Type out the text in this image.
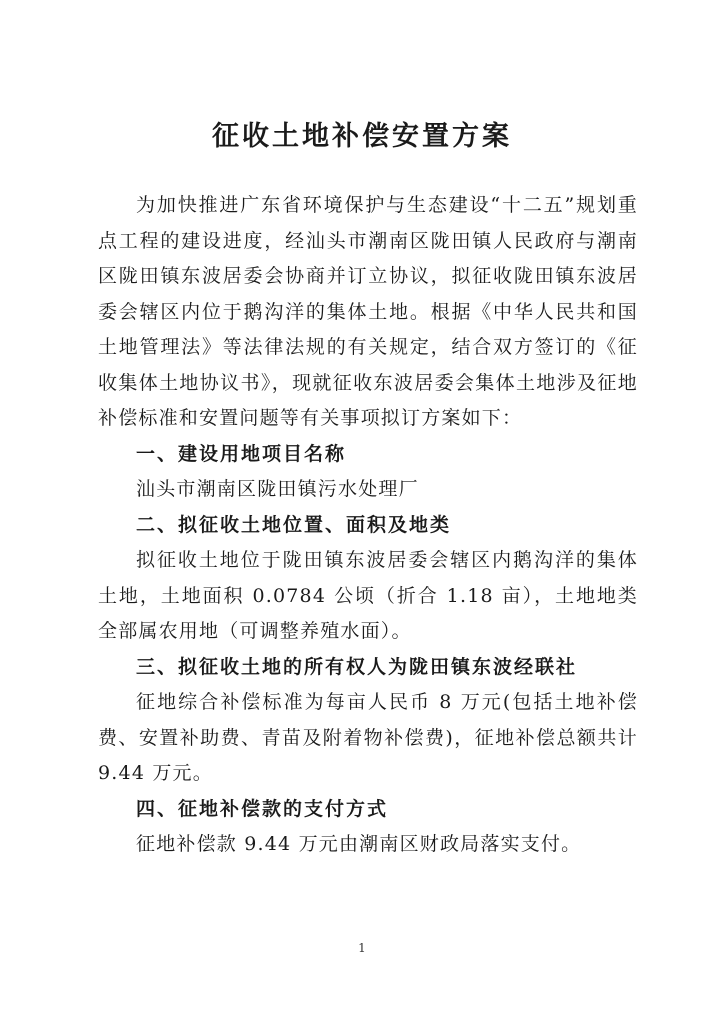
征收土地补偿安置方案

为加快推进广东省环境保护与生态建设“十二五”规划重点工程的建设进度，经汕头市潮南区陇田镇人民政府与潮南区陇田镇东波居委会协商并订立协议，拟征收陇田镇东波居委会辖区内位于鹅沟洋的集体土地。根据《中华人民共和国土地管理法》等法律法规的有关规定，结合双方签订的《征收集体土地协议书》，现就征收东波居委会集体土地涉及征地补偿标准和安置问题等有关事项拟订方案如下：

一、建设用地项目名称

汕头市潮南区陇田镇污水处理厂

二、拟征收土地位置、面积及地类

拟征收土地位于陇田镇东波居委会辖区内鹅沟洋的集体土地，土地面积 0.0784 公顷（折合 1.18 亩），土地地类全部属农用地（可调整养殖水面）。

三、拟征收土地的所有权人为陇田镇东波经联社

征地综合补偿标准为每亩人民币 8 万元(包括土地补偿费、安置补助费、青苗及附着物补偿费)，征地补偿总额共计 9.44 万元。

四、征地补偿款的支付方式

征地补偿款 9.44 万元由潮南区财政局落实支付。

1
